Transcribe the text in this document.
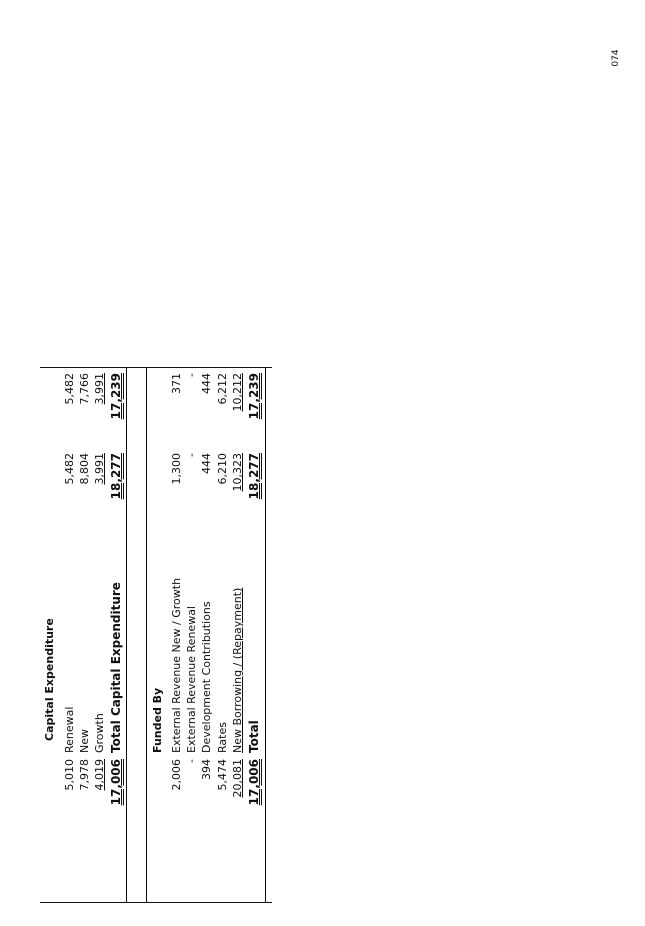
074
Capital Expenditure
5,010
Renewal
5,482
5,482
7,978
New
8,804
7,766
4,019
Growth
3,991
3,991
17,006
Total Capital Expenditure
18,277
17,239
Funded By
2,006
External Revenue New / Growth
1,300
371
-
External Revenue Renewal
-
-
394
Development Contributions
444
444
5,474
Rates
6,210
6,212
20,081
New Borrowing / (Repayment)
10,323
10,212
17,006
Total
18,277
17,239
